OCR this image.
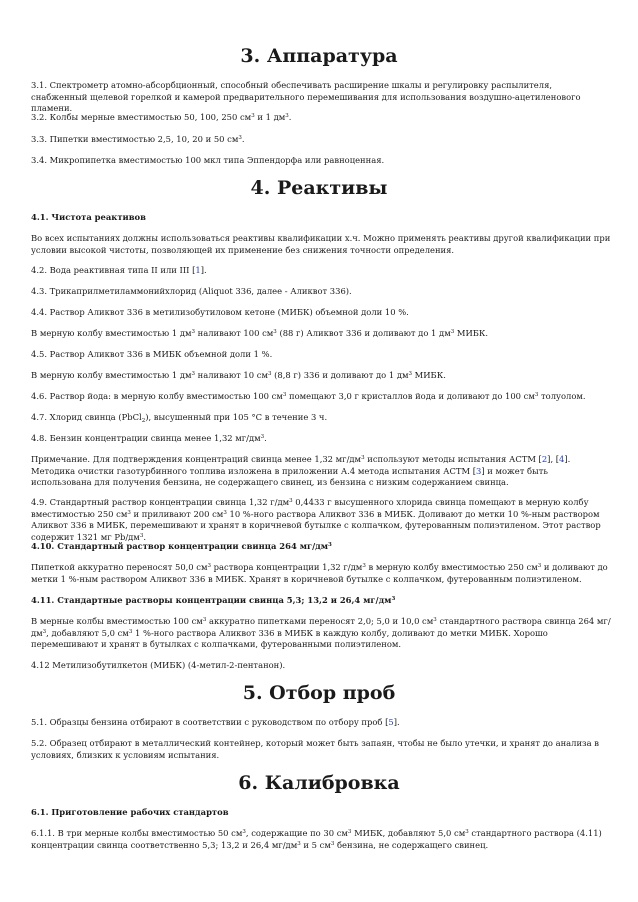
3. Аппаратура

3.1. Спектрометр атомно-абсорбционный, способный обеспечивать расширение шкалы и регулировку распылителя, снабженный щелевой горелкой и камерой предварительного перемешивания для использования воздушно-ацетиленового пламени.

3.2. Колбы мерные вместимостью 50, 100, 250 $см^3$ и 1 $дм^3$.

3.3. Пипетки вместимостью 2,5, 10, 20 и 50 $см^3$.

3.4. Микропипетка вместимостью 100 мкл типа Эппендорфа или равноценная.

4. Реактивы

4.1. Чистота реактивов

Во всех испытаниях должны использоваться реактивы квалификации х.ч. Можно применять реактивы другой квалификации при условии высокой чистоты, позволяющей их применение без снижения точности определения.

4.2. Вода реактивная типа II или III [1].

4.3. Трикаприлметиламмонийхлорид (Aliquot 336, далее - Аликвот 336).

4.4. Раствор Аликвот 336 в метилизобутиловом кетоне (МИБК) объемной доли 10 %.

В мерную колбу вместимостью 1 $дм^3$ наливают 100 $см^3$ (88 г) Аликвот 336 и доливают до 1 $дм^3$ МИБК.

4.5. Раствор Аликвот 336 в МИБК объемной доли 1 %.

В мерную колбу вместимостью 1 $дм^3$ наливают 10 $см^3$ (8,8 г) 336 и доливают до 1 $дм^3$ МИБК.

4.6. Раствор йода: в мерную колбу вместимостью 100 $см^3$ помещают 3,0 г кристаллов йода и доливают до 100 $см^3$ толуолом.

4.7. Хлорид свинца (PbCl$_2$), высушенный при 105 °С в течение 3 ч.

4.8. Бензин концентрации свинца менее 1,32 $мг/дм^3$.

Примечание. Для подтверждения концентраций свинца менее 1,32 $мг/дм^3$ используют методы испытания АСТМ [2], [4]. Методика очистки газотурбинного топлива изложена в приложении А.4 метода испытания АСТМ [3] и может быть использована для получения бензина, не содержащего свинец, из бензина с низким содержанием свинца.

4.9. Стандартный раствор концентрации свинца 1,32 $г/дм^3$ 0,4433 г высушенного хлорида свинца помещают в мерную колбу вместимостью 250 $см^3$ и приливают 200 $см^3$ 10 %-ного раствора Аликвот 336 в МИБК. Доливают до метки 10 %-ным раствором Аликвот 336 в МИБК, перемешивают и хранят в коричневой бутылке с колпачком, футерованным полиэтиленом. Этот раствор содержит 1321 мг $Pb/дм^3$.

4.10. Стандартный раствор концентрации свинца 264 $мг/дм^3$

Пипеткой аккуратно переносят 50,0 $см^3$ раствора концентрации 1,32 $г/дм^3$ в мерную колбу вместимостью 250 $см^3$ и доливают до метки 1 %-ным раствором Аликвот 336 в МИБК. Хранят в коричневой бутылке с колпачком, футерованным полиэтиленом.

4.11. Стандартные растворы концентрации свинца 5,3; 13,2 и 26,4 $мг/дм^3$

В мерные колбы вместимостью 100 $см^3$ аккуратно пипетками переносят 2,0; 5,0 и 10,0 $см^3$ стандартного раствора свинца 264 $мг/дм^3$, добавляют 5,0 $см^3$ 1 %-ного раствора Аликвот 336 в МИБК в каждую колбу, доливают до метки МИБК. Хорошо перемешивают и хранят в бутылках с колпачками, футерованными полиэтиленом.

4.12 Метилизобутилкетон (МИБК) (4-метил-2-пентанон).

5. Отбор проб

5.1. Образцы бензина отбирают в соответствии с руководством по отбору проб [5].

5.2. Образец отбирают в металлический контейнер, который может быть запаян, чтобы не было утечки, и хранят до анализа в условиях, близких к условиям испытания.

6. Калибровка

6.1. Приготовление рабочих стандартов

6.1.1. В три мерные колбы вместимостью 50 $см^3$, содержащие по 30 $см^3$ МИБК, добавляют 5,0 $см^3$ стандартного раствора (4.11) концентрации свинца соответственно 5,3; 13,2 и 26,4 $мг/дм^3$ и 5 $см^3$ бензина, не содержащего свинец.
